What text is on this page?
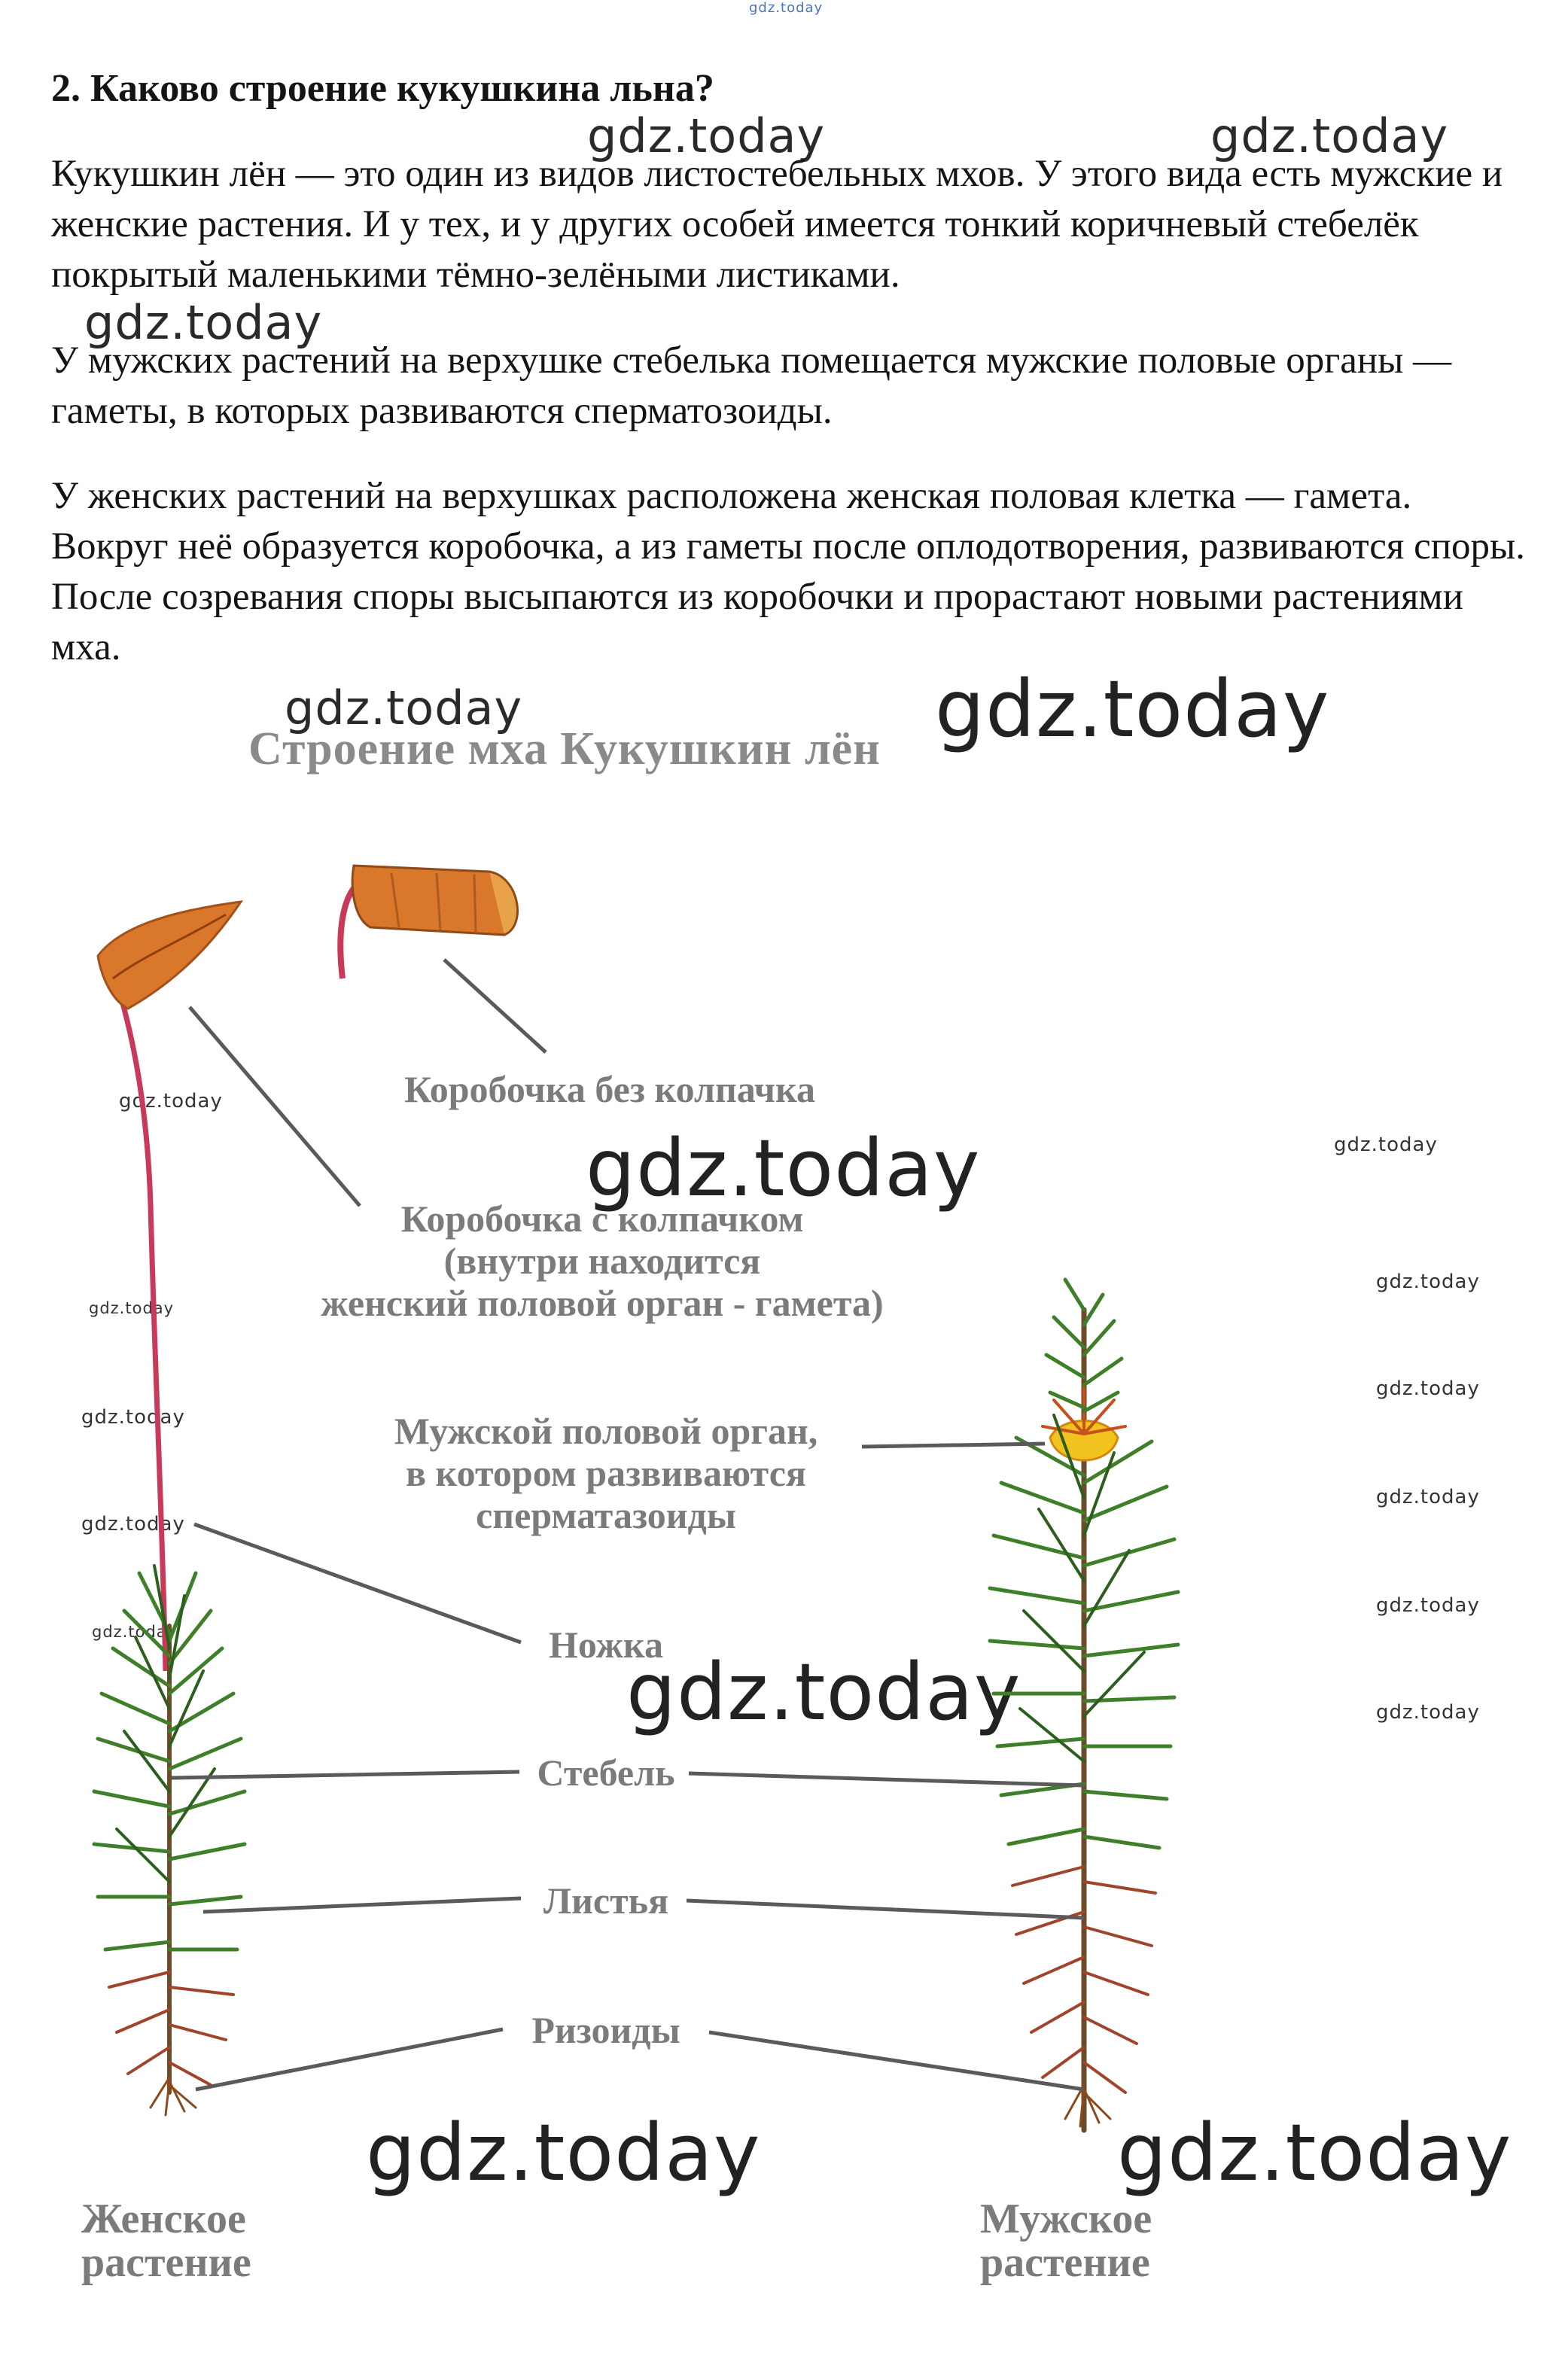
gdz.today
gdz.today	gdz.today
gdz.today
gdz.today	gdz.today
gdz.today
gdz.today
gdz.today
gdz.today
gdz.today
gdz.today
gdz.today
gdz.today
gdz.today
gdz.today
gdz.today
gdz.today	gdz.today
gdz.today	gdz.today
2. Каково строение кукушкина льна?

Кукушкин лён — это один из видов листостебельных мхов. У этого вида есть мужские и женские растения. И у тех, и у других особей имеется тонкий коричневый стебелёк покрытый маленькими тёмно-зелёными листиками.

У мужских растений на верхушке стебелька помещается мужские половые органы — гаметы, в которых развиваются сперматозоиды.

У женских растений на верхушках расположена женская половая клетка — гамета. Вокруг неё образуется коробочка, а из гаметы после оплодотворения, развиваются споры. После созревания споры высыпаются из коробочки и прорастают новыми растениями мха.

Строение мха Кукушкин лён
Коробочка без колпачка
Коробочка с колпачком
(внутри находится
женский половой орган - гамета)
Мужской половой орган,
в котором развиваются
сперматазоиды
Ножка
Стебель
Листья
Ризоиды
Женское
растение
Мужское
растение
